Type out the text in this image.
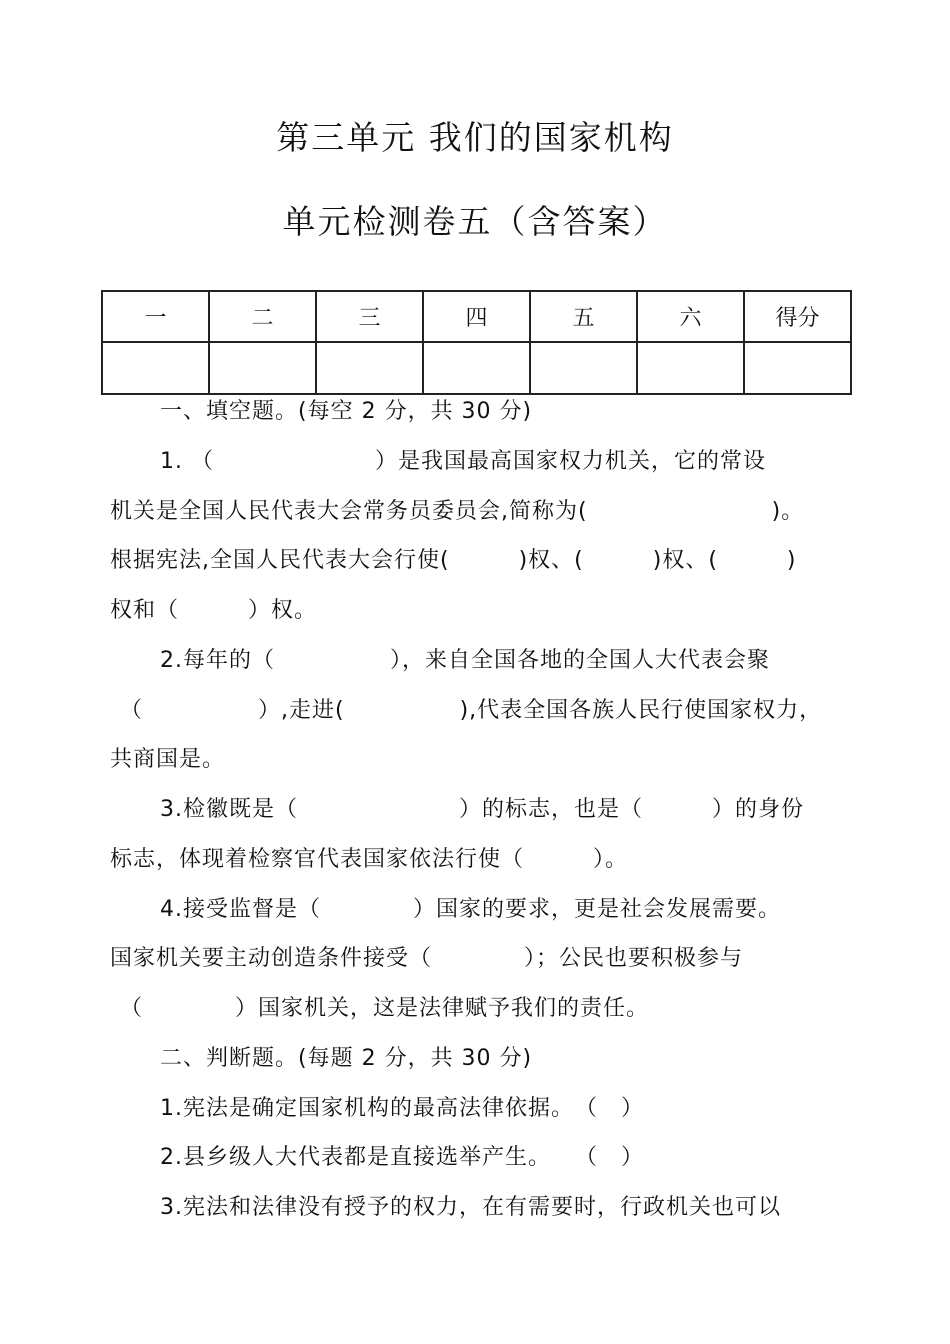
第三单元 我们的国家机构
单元检测卷五（含答案）
一	二	三	四	五	六	得分

一、填空题。(每空 2 分，共 30 分)
1. （　　　　　　　）是我国最高国家权力机关，它的常设
机关是全国人民代表大会常务员委员会,简称为(　　　　　　　　)。
根据宪法,全国人民代表大会行使(　　　)权、(　　　)权、(　　　)
权和（　　　）权。
2.每年的（　　　　　），来自全国各地的全国人大代表会聚
（　　　　　）,走进(　　　　　),代表全国各族人民行使国家权力，
共商国是。
3.检徽既是（　　　　　　　）的标志，也是（　　　）的身份
标志，体现着检察官代表国家依法行使（　　　）。
4.接受监督是（　　　　）国家的要求，更是社会发展需要。
国家机关要主动创造条件接受（　　　　）；公民也要积极参与
（　　　　）国家机关，这是法律赋予我们的责任。
二、判断题。(每题 2 分，共 30 分)
1.宪法是确定国家机构的最高法律依据。　（　）
2.县乡级人大代表都是直接选举产生。　　（　）
3.宪法和法律没有授予的权力，在有需要时，行政机关也可以
